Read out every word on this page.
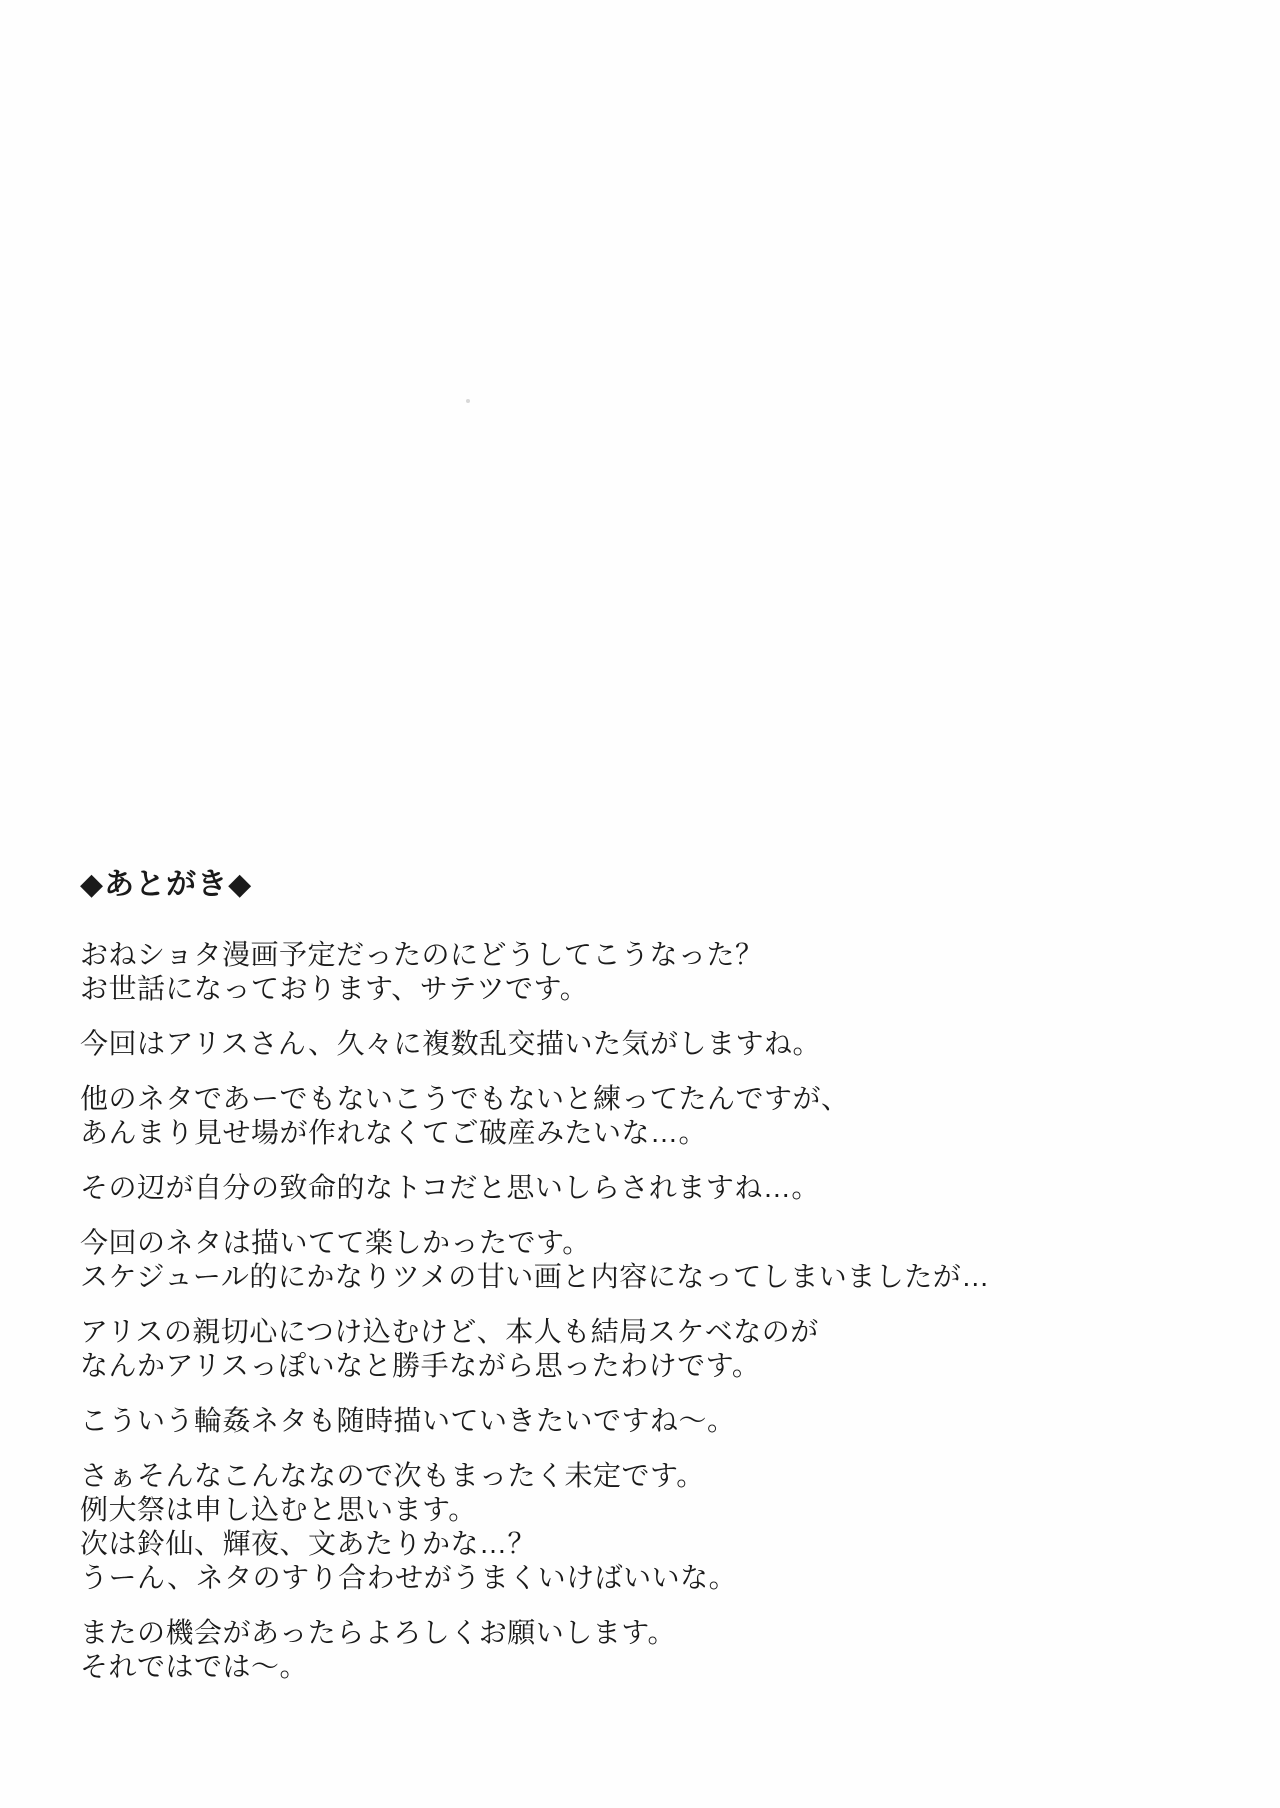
◆あとがき◆

おねショタ漫画予定だったのにどうしてこうなった？

お世話になっております、サテツです。

今回はアリスさん、久々に複数乱交描いた気がしますね。

他のネタであーでもないこうでもないと練ってたんですが、

あんまり見せ場が作れなくてご破産みたいな…。

その辺が自分の致命的なトコだと思いしらされますね…。

今回のネタは描いてて楽しかったです。

スケジュール的にかなりツメの甘い画と内容になってしまいましたが…

アリスの親切心につけ込むけど、本人も結局スケベなのが

なんかアリスっぽいなと勝手ながら思ったわけです。

こういう輪姦ネタも随時描いていきたいですね～。

さぁそんなこんななので次もまったく未定です。

例大祭は申し込むと思います。

次は鈴仙、輝夜、文あたりかな…？

うーん、ネタのすり合わせがうまくいけばいいな。

またの機会があったらよろしくお願いします。

それではでは～。
